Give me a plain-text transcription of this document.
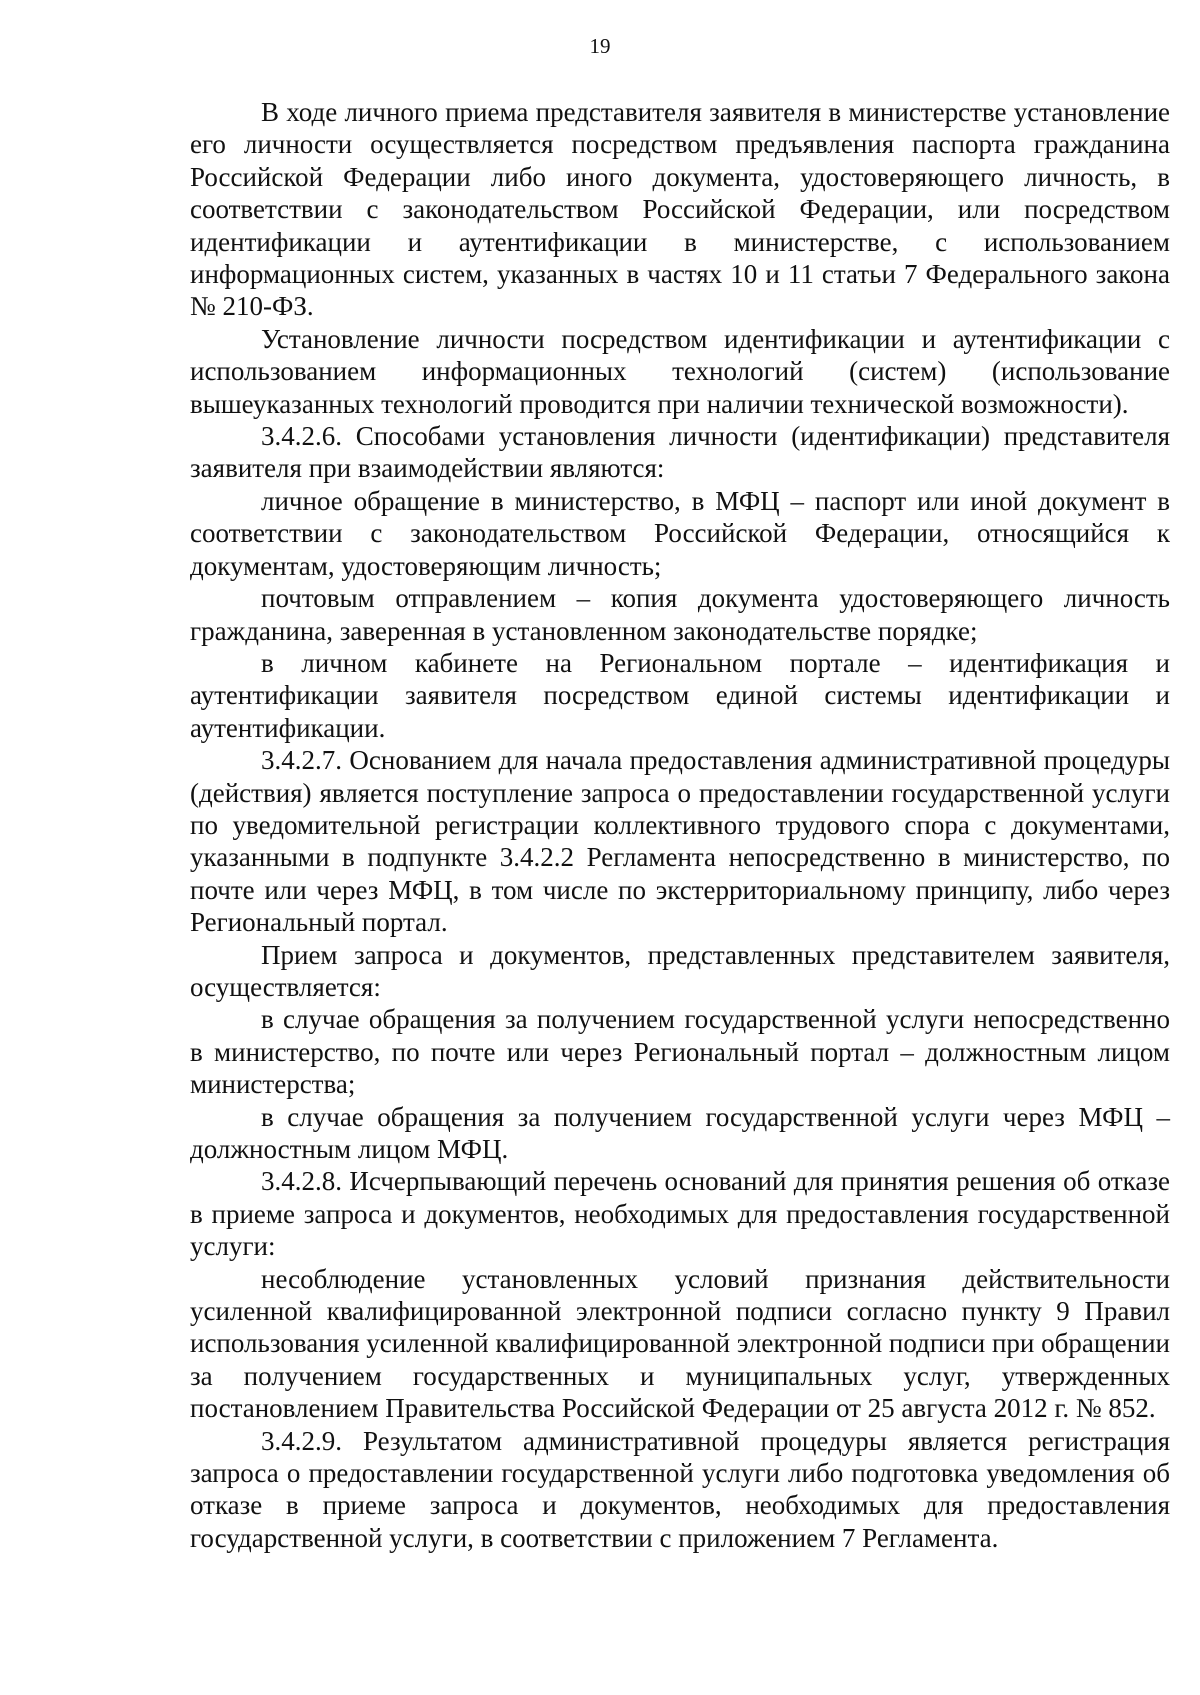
19

В ходе личного приема представителя заявителя в министерстве установление его личности осуществляется посредством предъявления паспорта гражданина Российской Федерации либо иного документа, удостоверяющего личность, в соответствии с законодательством Российской Федерации, или посредством идентификации и аутентификации в министерстве, с использованием информационных систем, указанных в частях 10 и 11 статьи 7 Федерального закона № 210-ФЗ.

Установление личности посредством идентификации и аутентификации с использованием информационных технологий (систем) (использование вышеуказанных технологий проводится при наличии технической возможности).

3.4.2.6. Способами установления личности (идентификации) представителя заявителя при взаимодействии являются:

личное обращение в министерство, в МФЦ – паспорт или иной документ в соответствии с законодательством Российской Федерации, относящийся к документам, удостоверяющим личность;

почтовым отправлением – копия документа удостоверяющего личность гражданина, заверенная в установленном законодательстве порядке;

в личном кабинете на Региональном портале – идентификация и аутентификации заявителя посредством единой системы идентификации и аутентификации.

3.4.2.7. Основанием для начала предоставления административной процедуры (действия) является поступление запроса о предоставлении государственной услуги по уведомительной регистрации коллективного трудового спора с документами, указанными в подпункте 3.4.2.2 Регламента непосредственно в министерство, по почте или через МФЦ, в том числе по экстерриториальному принципу, либо через Региональный портал.

Прием запроса и документов, представленных представителем заявителя, осуществляется:

в случае обращения за получением государственной услуги непосредственно в министерство, по почте или через Региональный портал – должностным лицом министерства;

в случае обращения за получением государственной услуги через МФЦ – должностным лицом МФЦ.

3.4.2.8. Исчерпывающий перечень оснований для принятия решения об отказе в приеме запроса и документов, необходимых для предоставления государственной услуги:

несоблюдение установленных условий признания действительности усиленной квалифицированной электронной подписи согласно пункту 9 Правил использования усиленной квалифицированной электронной подписи при обращении за получением государственных и муниципальных услуг, утвержденных постановлением Правительства Российской Федерации от 25 августа 2012 г. № 852.

3.4.2.9. Результатом административной процедуры является регистрация запроса о предоставлении государственной услуги либо подготовка уведомления об отказе в приеме запроса и документов, необходимых для предоставления государственной услуги, в соответствии с приложением 7 Регламента.
